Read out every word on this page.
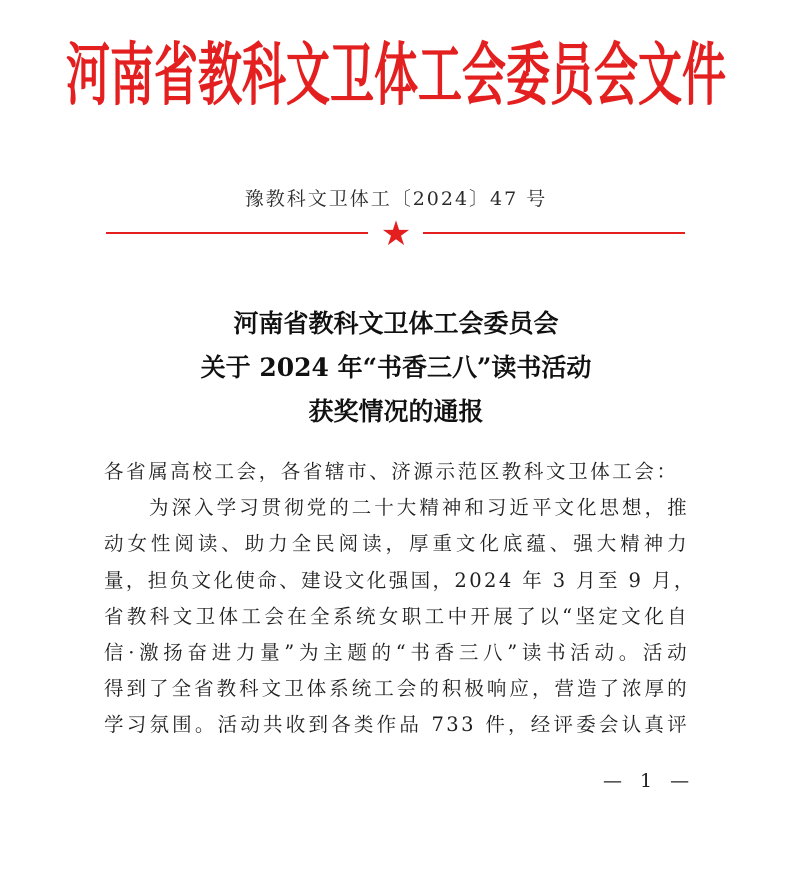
河南省教科文卫体工会委员会文件
豫教科文卫体工〔2024〕47 号
★
河南省教科文卫体工会委员会
关于 2024 年“书香三八”读书活动
获奖情况的通报
各省属高校工会，各省辖市、济源示范区教科文卫体工会：
　　为深入学习贯彻党的二十大精神和习近平文化思想，推
动女性阅读、助力全民阅读，厚重文化底蕴、强大精神力
量，担负文化使命、建设文化强国，2024 年 3 月至 9 月，
省教科文卫体工会在全系统女职工中开展了以“坚定文化自
信·激扬奋进力量”为主题的“书香三八”读书活动。活动
得到了全省教科文卫体系统工会的积极响应，营造了浓厚的
学习氛围。活动共收到各类作品 733 件，经评委会认真评
— 1 —
